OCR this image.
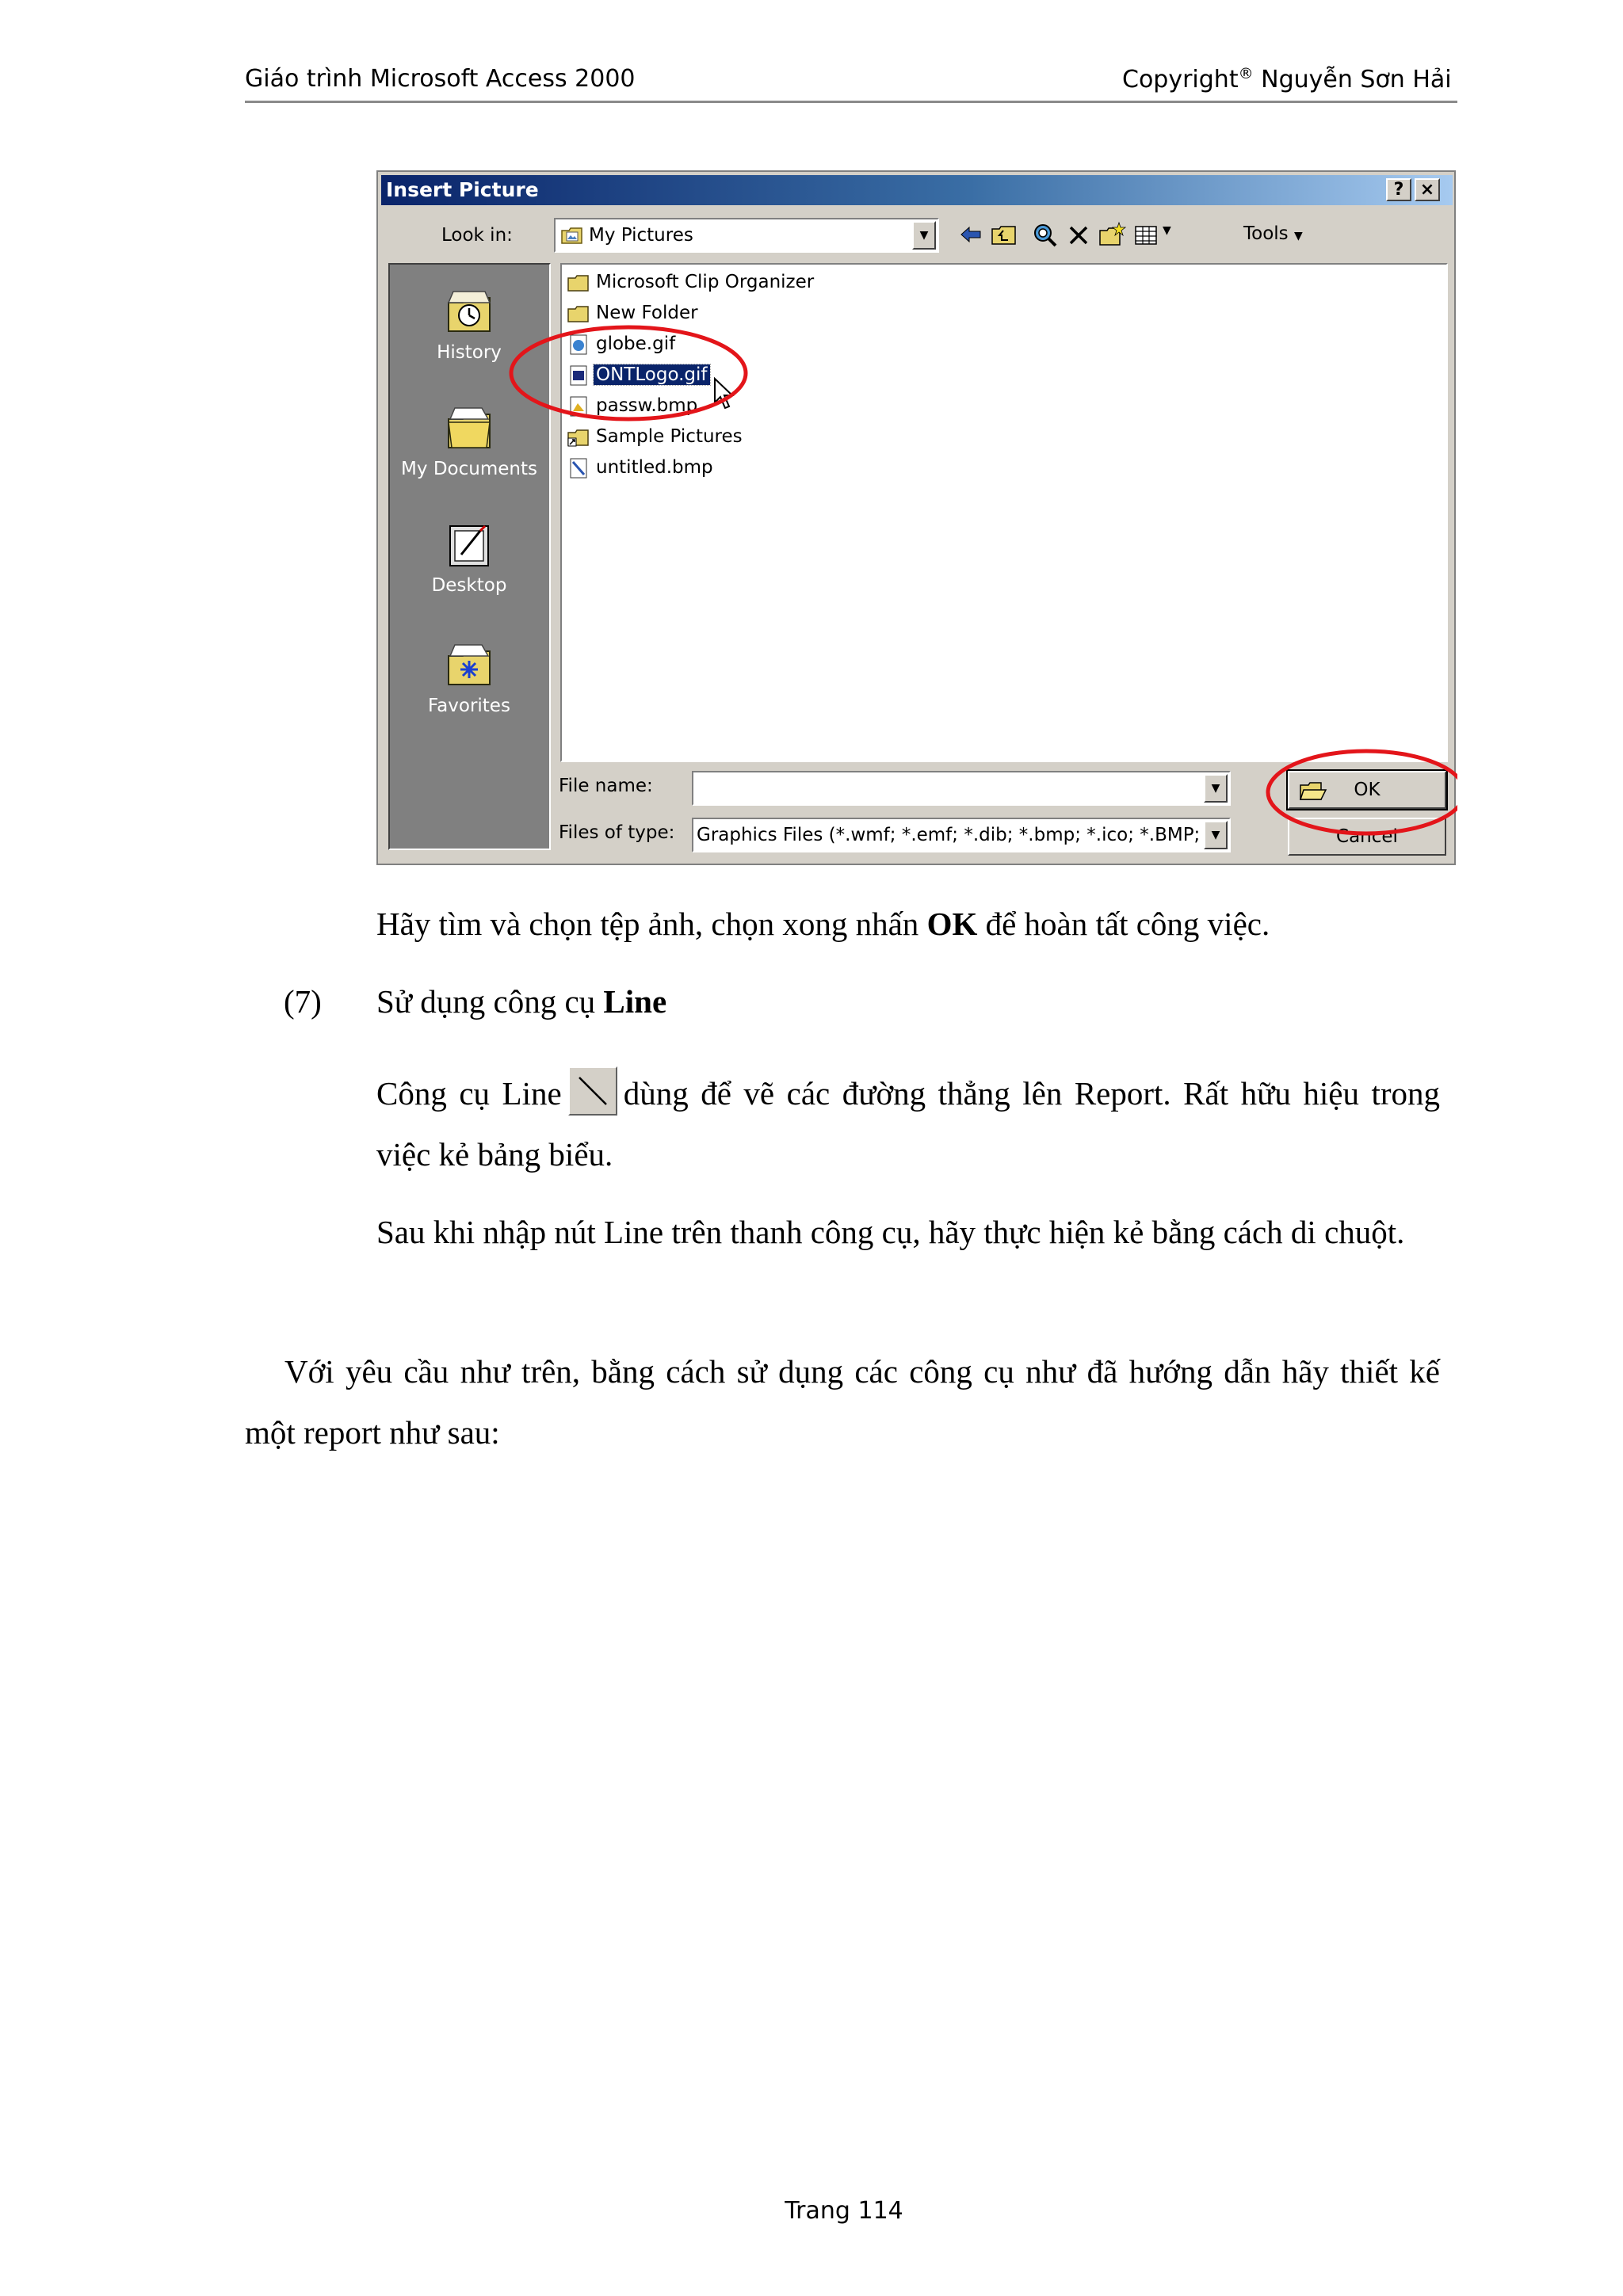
Giáo trình Microsoft Access 2000	Copyright® Nguyễn Sơn Hải
Insert Picture	? ×
Look in:	My Pictures	▼	▼	Tools ▼
History
My Documents
Desktop
Favorites
Microsoft Clip Organizer
New Folder
globe.gif
ONTLogo.gif
passw.bmp
Sample Pictures
untitled.bmp
File name:	▼
Files of type: Graphics Files (*.wmf; *.emf; *.dib; *.bmp; *.ico; *.BMP;	▼
OK
Cancel
Hãy tìm và chọn tệp ảnh, chọn xong nhấn OK để hoàn tất công việc.
(7) Sử dụng công cụ Line
Công cụ Line dùng để vẽ các đường thẳng lên Report. Rất hữu hiệu trong việc kẻ bảng biểu.
Sau khi nhập nút Line trên thanh công cụ, hãy thực hiện kẻ bằng cách di chuột.
Với yêu cầu như trên, bằng cách sử dụng các công cụ như đã hướng dẫn hãy thiết kế một report như sau:
Trang 114
